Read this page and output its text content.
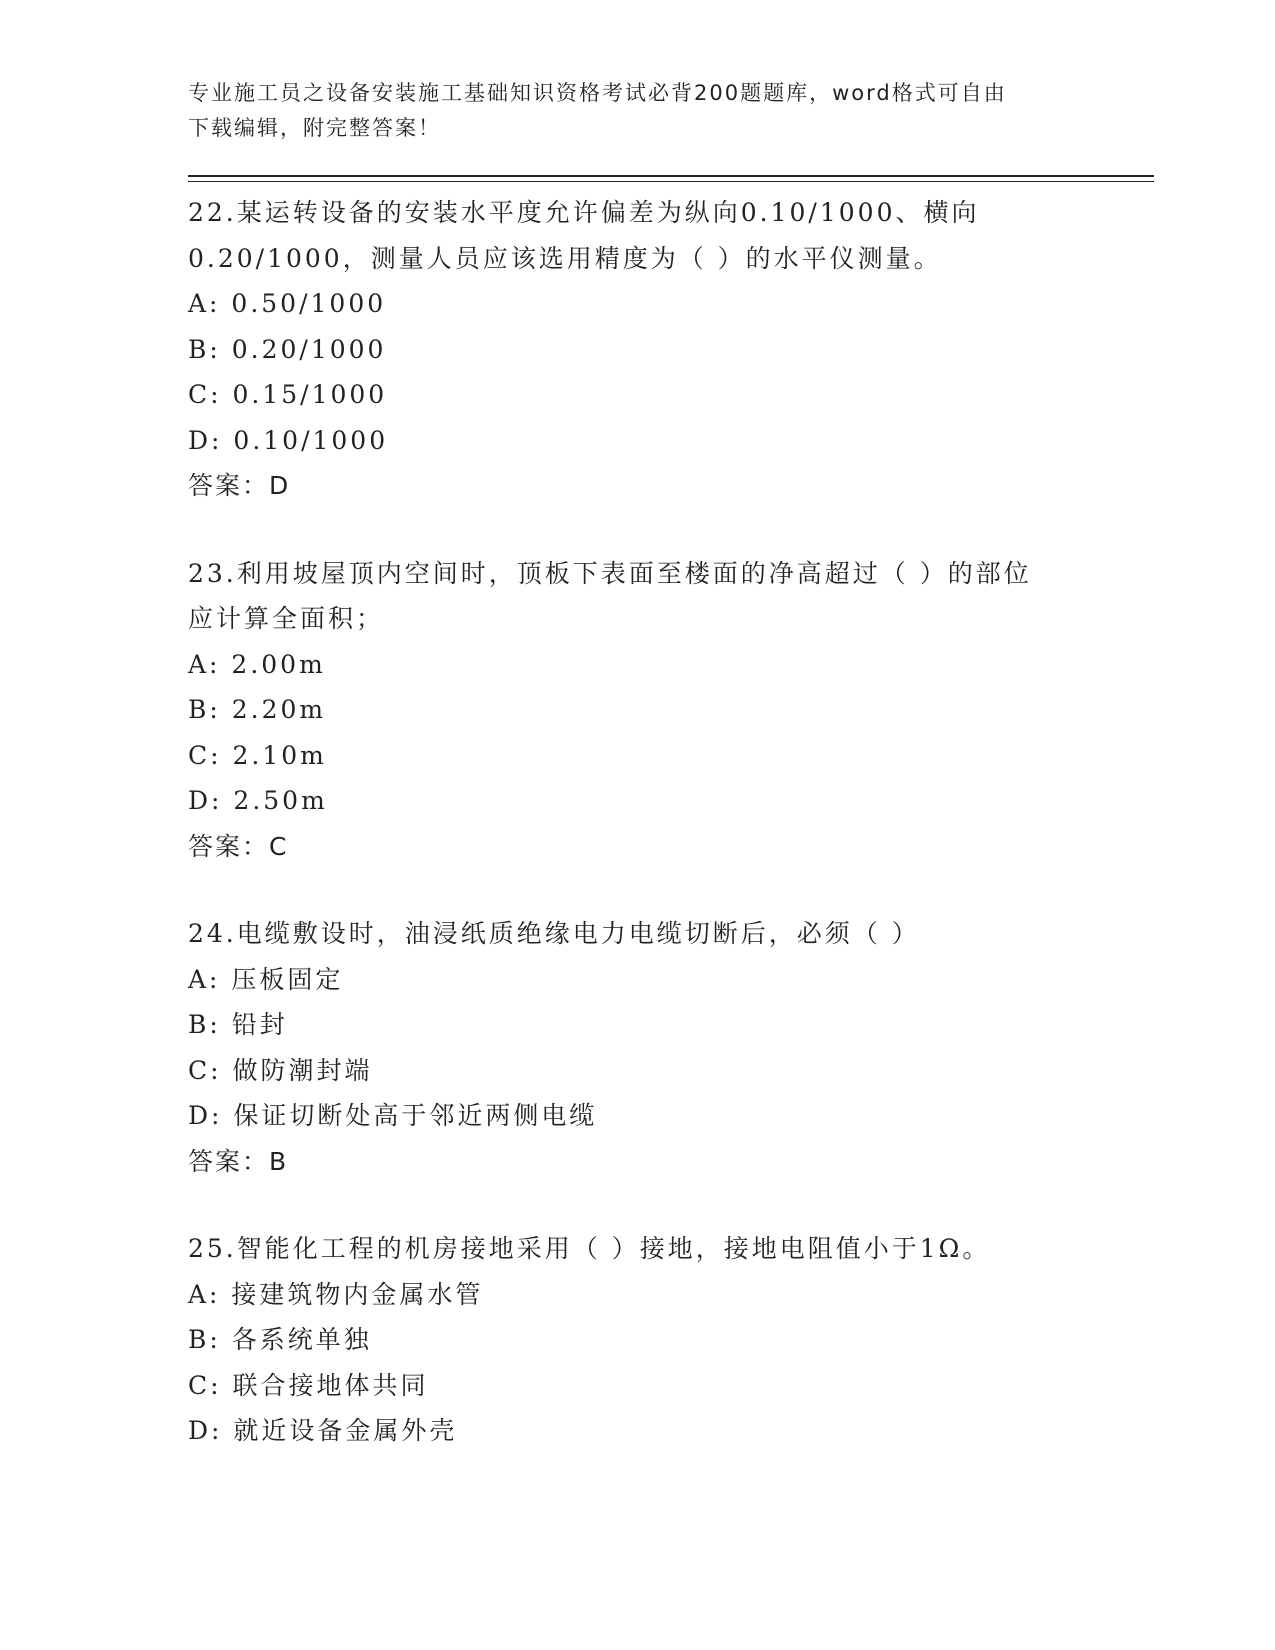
专业施工员之设备安装施工基础知识资格考试必背200题题库，word格式可自由
下载编辑，附完整答案！
22.某运转设备的安装水平度允许偏差为纵向0.10/1000、横向
0.20/1000，测量人员应该选用精度为（ ）的水平仪测量。
A: 0.50/1000
B: 0.20/1000
C: 0.15/1000
D: 0.10/1000
答案：D
23.利用坡屋顶内空间时，顶板下表面至楼面的净高超过（ ）的部位
应计算全面积；
A: 2.00m
B: 2.20m
C: 2.10m
D: 2.50m
答案：C
24.电缆敷设时，油浸纸质绝缘电力电缆切断后，必须（ ）
A: 压板固定
B: 铅封
C: 做防潮封端
D: 保证切断处高于邻近两侧电缆
答案：B
25.智能化工程的机房接地采用（ ）接地，接地电阻值小于1Ω。
A: 接建筑物内金属水管
B: 各系统单独
C: 联合接地体共同
D: 就近设备金属外壳
